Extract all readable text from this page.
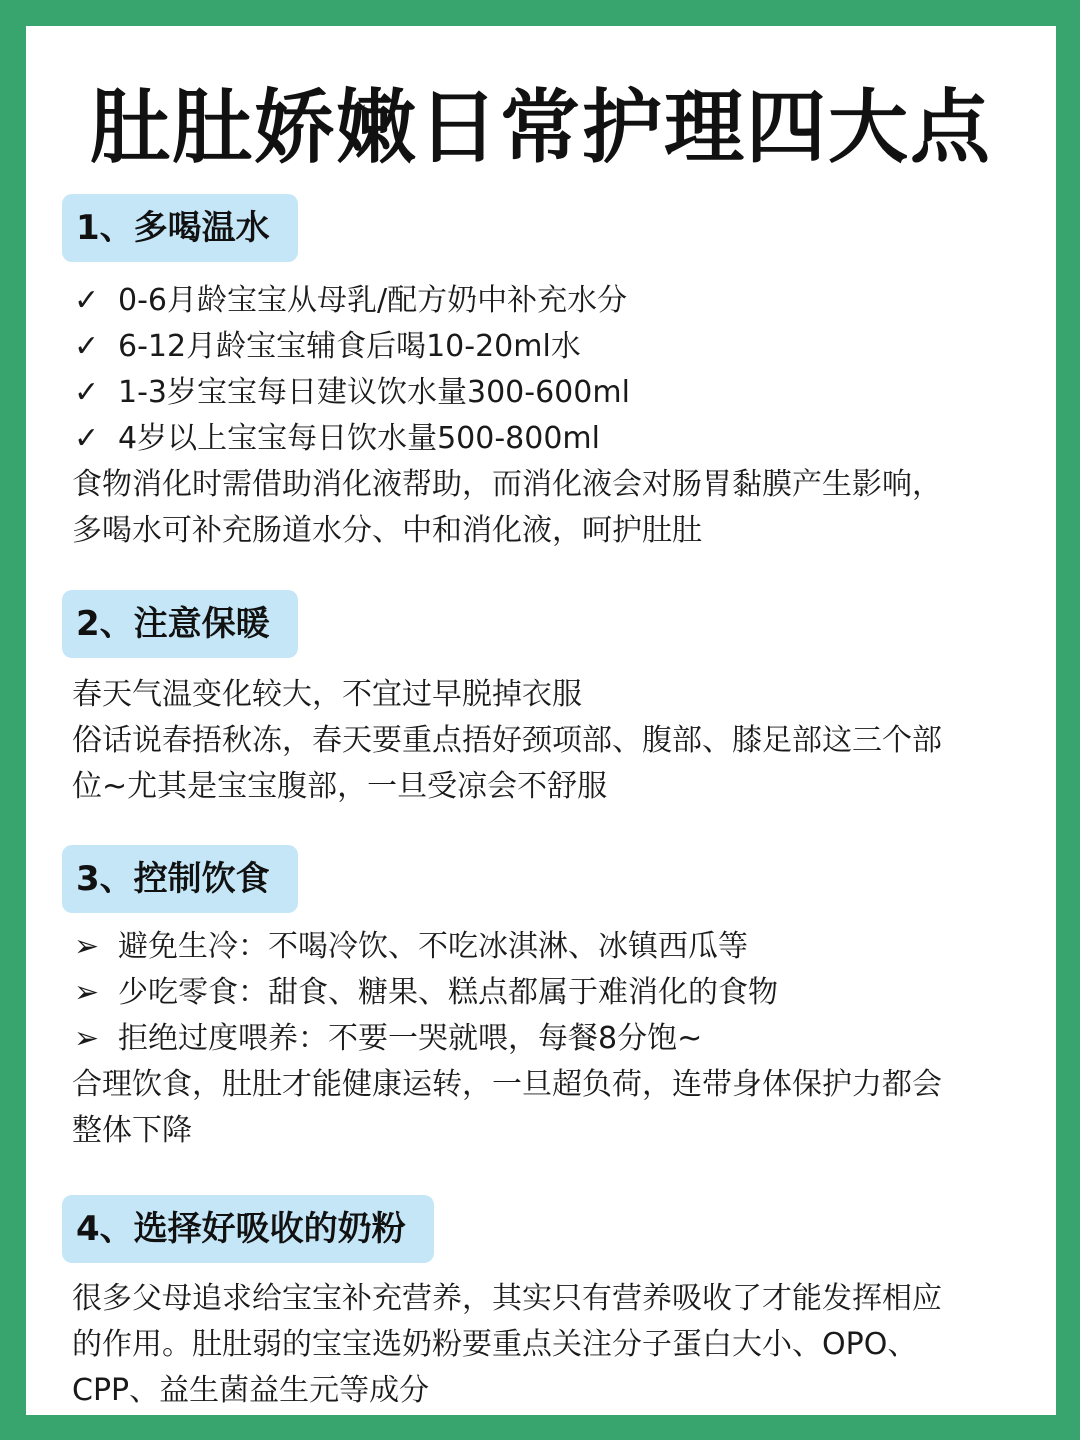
肚肚娇嫩日常护理四大点
1、多喝温水
✓ 0-6月龄宝宝从母乳/配方奶中补充水分
✓ 6-12月龄宝宝辅食后喝10-20ml水
✓ 1-3岁宝宝每日建议饮水量300-600ml
✓ 4岁以上宝宝每日饮水量500-800ml
食物消化时需借助消化液帮助，而消化液会对肠胃黏膜产生影响，
多喝水可补充肠道水分、中和消化液，呵护肚肚
2、注意保暖
春天气温变化较大，不宜过早脱掉衣服
俗话说春捂秋冻，春天要重点捂好颈项部、腹部、膝足部这三个部
位~尤其是宝宝腹部，一旦受凉会不舒服
3、控制饮食
➢ 避免生冷：不喝冷饮、不吃冰淇淋、冰镇西瓜等
➢ 少吃零食：甜食、糖果、糕点都属于难消化的食物
➢ 拒绝过度喂养：不要一哭就喂，每餐8分饱~
合理饮食，肚肚才能健康运转，一旦超负荷，连带身体保护力都会
整体下降
4、选择好吸收的奶粉
很多父母追求给宝宝补充营养，其实只有营养吸收了才能发挥相应
的作用。肚肚弱的宝宝选奶粉要重点关注分子蛋白大小、OPO、
CPP、益生菌益生元等成分
